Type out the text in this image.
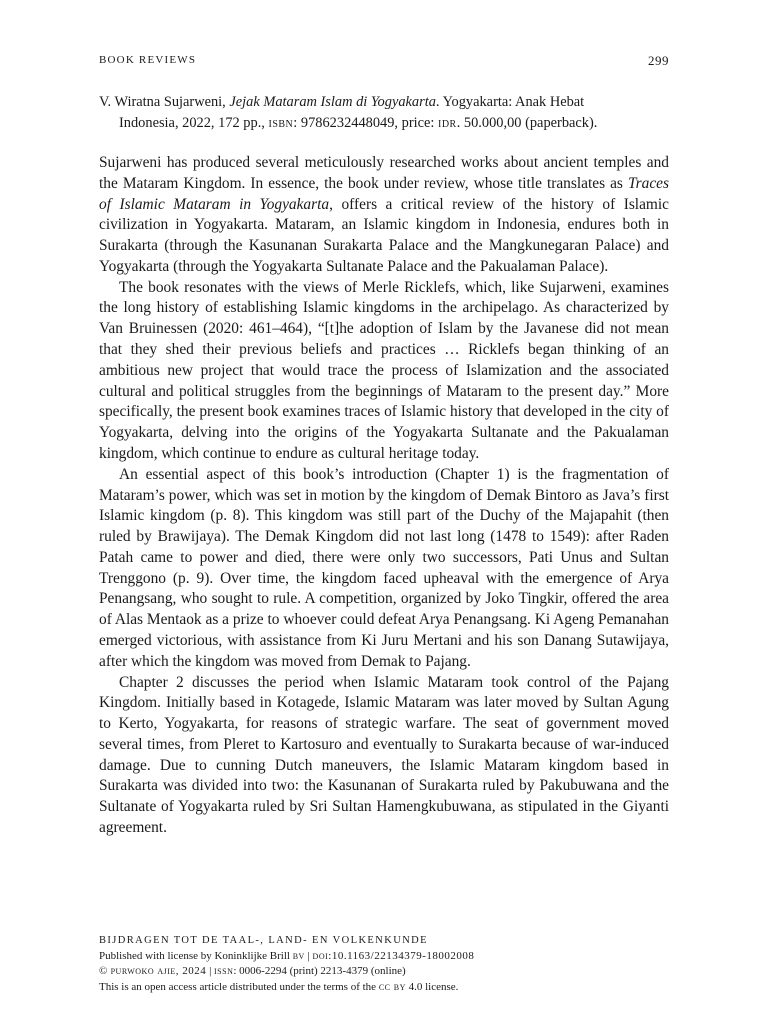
BOOK REVIEWS	299
V. Wiratna Sujarweni, Jejak Mataram Islam di Yogyakarta. Yogyakarta: Anak Hebat
Indonesia, 2022, 172 pp., isbn: 9786232448049, price: idr. 50.000,00 (paperback).

Sujarweni has produced several meticulously researched works about ancient temples and the Mataram Kingdom. In essence, the book under review, whose title translates as Traces of Islamic Mataram in Yogyakarta, offers a critical review of the history of Islamic civilization in Yogyakarta. Mataram, an Islamic kingdom in Indonesia, endures both in Surakarta (through the Kasunanan Surakarta Palace and the Mangkunegaran Palace) and Yogyakarta (through the Yogyakarta Sultanate Palace and the Pakualaman Palace).

The book resonates with the views of Merle Ricklefs, which, like Sujarweni, examines the long history of establishing Islamic kingdoms in the archipelago. As characterized by Van Bruinessen (2020: 461–464), “[t]he adoption of Islam by the Javanese did not mean that they shed their previous beliefs and practices … Ricklefs began thinking of an ambitious new project that would trace the process of Islamization and the associated cultural and political struggles from the beginnings of Mataram to the present day.” More specifically, the present book examines traces of Islamic history that developed in the city of Yogyakarta, delving into the origins of the Yogyakarta Sultanate and the Pakualaman kingdom, which continue to endure as cultural heritage today.

An essential aspect of this book’s introduction (Chapter 1) is the fragmentation of Mataram’s power, which was set in motion by the kingdom of Demak Bintoro as Java’s first Islamic kingdom (p. 8). This kingdom was still part of the Duchy of the Majapahit (then ruled by Brawijaya). The Demak Kingdom did not last long (1478 to 1549): after Raden Patah came to power and died, there were only two successors, Pati Unus and Sultan Trenggono (p. 9). Over time, the kingdom faced upheaval with the emergence of Arya Penangsang, who sought to rule. A competition, organized by Joko Tingkir, offered the area of Alas Mentaok as a prize to whoever could defeat Arya Penangsang. Ki Ageng Pemanahan emerged victorious, with assistance from Ki Juru Mertani and his son Danang Sutawijaya, after which the kingdom was moved from Demak to Pajang.

Chapter 2 discusses the period when Islamic Mataram took control of the Pajang Kingdom. Initially based in Kotagede, Islamic Mataram was later moved by Sultan Agung to Kerto, Yogyakarta, for reasons of strategic warfare. The seat of government moved several times, from Pleret to Kartosuro and eventually to Surakarta because of war-induced damage. Due to cunning Dutch maneuvers, the Islamic Mataram kingdom based in Surakarta was divided into two: the Kasunanan of Surakarta ruled by Pakubuwana and the Sultanate of Yogyakarta ruled by Sri Sultan Hamengkubuwana, as stipulated in the Giyanti agreement.

BIJDRAGEN TOT DE TAAL-, LAND- EN VOLKENKUNDE
Published with license by Koninklijke Brill bv | doi:10.1163/22134379-18002008
© purwoko ajie, 2024 | issn: 0006-2294 (print) 2213-4379 (online)
This is an open access article distributed under the terms of the cc by 4.0 license.
